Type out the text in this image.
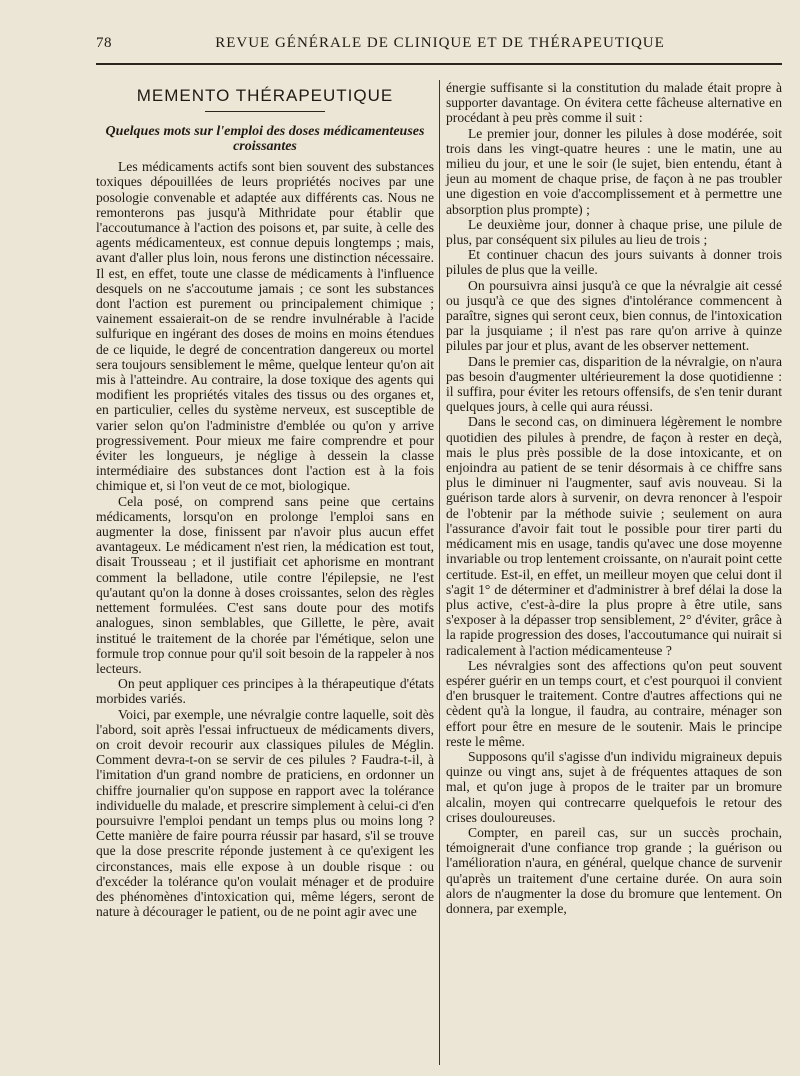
78	REVUE GÉNÉRALE DE CLINIQUE ET DE THÉRAPEUTIQUE
MEMENTO THÉRAPEUTIQUE
Quelques mots sur l'emploi des doses médicamenteuses croissantes

Les médicaments actifs sont bien souvent des substances toxiques dépouillées de leurs propriétés nocives par une posologie convenable et adaptée aux différents cas. Nous ne remonterons pas jusqu'à Mithridate pour établir que l'accoutumance à l'action des poisons et, par suite, à celle des agents médicamenteux, est connue depuis longtemps ; mais, avant d'aller plus loin, nous ferons une distinction nécessaire. Il est, en effet, toute une classe de médicaments à l'influence desquels on ne s'accoutume jamais ; ce sont les substances dont l'action est purement ou principalement chimique ; vainement essaierait-on de se rendre invulnérable à l'acide sulfurique en ingérant des doses de moins en moins étendues de ce liquide, le degré de concentration dangereux ou mortel sera toujours sensiblement le même, quelque lenteur qu'on ait mis à l'atteindre. Au contraire, la dose toxique des agents qui modifient les propriétés vitales des tissus ou des organes et, en particulier, celles du système nerveux, est susceptible de varier selon qu'on l'administre d'emblée ou qu'on y arrive progressivement. Pour mieux me faire comprendre et pour éviter les longueurs, je néglige à dessein la classe intermédiaire des substances dont l'action est à la fois chimique et, si l'on veut de ce mot, biologique.

Cela posé, on comprend sans peine que certains médicaments, lorsqu'on en prolonge l'emploi sans en augmenter la dose, finissent par n'avoir plus aucun effet avantageux. Le médicament n'est rien, la médication est tout, disait Trousseau ; et il justifiait cet aphorisme en montrant comment la belladone, utile contre l'épilepsie, ne l'est qu'autant qu'on la donne à doses croissantes, selon des règles nettement formulées. C'est sans doute pour des motifs analogues, sinon semblables, que Gillette, le père, avait institué le traitement de la chorée par l'émétique, selon une formule trop connue pour qu'il soit besoin de la rappeler à nos lecteurs.

On peut appliquer ces principes à la thérapeutique d'états morbides variés.

Voici, par exemple, une névralgie contre laquelle, soit dès l'abord, soit après l'essai infructueux de médicaments divers, on croit devoir recourir aux classiques pilules de Méglin. Comment devra-t-on se servir de ces pilules ? Faudra-t-il, à l'imitation d'un grand nombre de praticiens, en ordonner un chiffre journalier qu'on suppose en rapport avec la tolérance individuelle du malade, et prescrire simplement à celui-ci d'en poursuivre l'emploi pendant un temps plus ou moins long ? Cette manière de faire pourra réussir par hasard, s'il se trouve que la dose prescrite réponde justement à ce qu'exigent les circonstances, mais elle expose à un double risque : ou d'excéder la tolérance qu'on voulait ménager et de produire des phénomènes d'intoxication qui, même légers, seront de nature à décourager le patient, ou de ne point agir avec une

énergie suffisante si la constitution du malade était propre à supporter davantage. On évitera cette fâcheuse alternative en procédant à peu près comme il suit :

Le premier jour, donner les pilules à dose modérée, soit trois dans les vingt-quatre heures : une le matin, une au milieu du jour, et une le soir (le sujet, bien entendu, étant à jeun au moment de chaque prise, de façon à ne pas troubler une digestion en voie d'accomplissement et à permettre une absorption plus prompte) ;

Le deuxième jour, donner à chaque prise, une pilule de plus, par conséquent six pilules au lieu de trois ;

Et continuer chacun des jours suivants à donner trois pilules de plus que la veille.

On poursuivra ainsi jusqu'à ce que la névralgie ait cessé ou jusqu'à ce que des signes d'intolérance commencent à paraître, signes qui seront ceux, bien connus, de l'intoxication par la jusquiame ; il n'est pas rare qu'on arrive à quinze pilules par jour et plus, avant de les observer nettement.

Dans le premier cas, disparition de la névralgie, on n'aura pas besoin d'augmenter ultérieurement la dose quotidienne : il suffira, pour éviter les retours offensifs, de s'en tenir durant quelques jours, à celle qui aura réussi.

Dans le second cas, on diminuera légèrement le nombre quotidien des pilules à prendre, de façon à rester en deçà, mais le plus près possible de la dose intoxicante, et on enjoindra au patient de se tenir désormais à ce chiffre sans plus le diminuer ni l'augmenter, sauf avis nouveau. Si la guérison tarde alors à survenir, on devra renoncer à l'espoir de l'obtenir par la méthode suivie ; seulement on aura l'assurance d'avoir fait tout le possible pour tirer parti du médicament mis en usage, tandis qu'avec une dose moyenne invariable ou trop lentement croissante, on n'aurait point cette certitude. Est-il, en effet, un meilleur moyen que celui dont il s'agit 1° de déterminer et d'administrer à bref délai la dose la plus active, c'est-à-dire la plus propre à être utile, sans s'exposer à la dépasser trop sensiblement, 2° d'éviter, grâce à la rapide progression des doses, l'accoutumance qui nuirait si radicalement à l'action médicamenteuse ?

Les névralgies sont des affections qu'on peut souvent espérer guérir en un temps court, et c'est pourquoi il convient d'en brusquer le traitement. Contre d'autres affections qui ne cèdent qu'à la longue, il faudra, au contraire, ménager son effort pour être en mesure de le soutenir. Mais le principe reste le même.

Supposons qu'il s'agisse d'un individu migraineux depuis quinze ou vingt ans, sujet à de fréquentes attaques de son mal, et qu'on juge à propos de le traiter par un bromure alcalin, moyen qui contrecarre quelquefois le retour des crises douloureuses.

Compter, en pareil cas, sur un succès prochain, témoignerait d'une confiance trop grande ; la guérison ou l'amélioration n'aura, en général, quelque chance de survenir qu'après un traitement d'une certaine durée. On aura soin alors de n'augmenter la dose du bromure que lentement. On donnera, par exemple,
